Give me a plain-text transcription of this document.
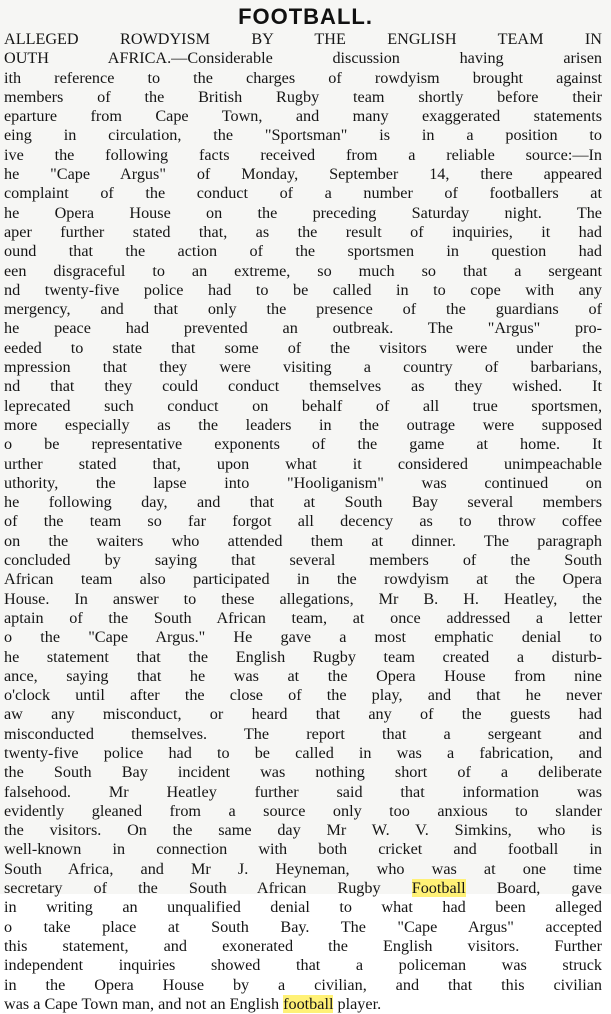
FOOTBALL.
ALLEGED ROWDYISM BY THE ENGLISH TEAM IN
OUTH AFRICA.—Considerable discussion having arisen
ith reference to the charges of rowdyism brought against
members of the British Rugby team shortly before their
eparture from Cape Town, and many exaggerated statements
eing in circulation, the "Sportsman" is in a position to
ive the following facts received from a reliable source:—In
he "Cape Argus" of Monday, September 14, there appeared
complaint of the conduct of a number of footballers at
he Opera House on the preceding Saturday night. The
aper further stated that, as the result of inquiries, it had
ound that the action of the sportsmen in question had
een disgraceful to an extreme, so much so that a sergeant
nd twenty-five police had to be called in to cope with any
mergency, and that only the presence of the guardians of
he peace had prevented an outbreak. The "Argus" pro-
eeded to state that some of the visitors were under the
mpression that they were visiting a country of barbarians,
nd that they could conduct themselves as they wished. It
leprecated such conduct on behalf of all true sportsmen,
more especially as the leaders in the outrage were supposed
o be representative exponents of the game at home. It
urther stated that, upon what it considered unimpeachable
uthority, the lapse into "Hooliganism" was continued on
he following day, and that at South Bay several members
of the team so far forgot all decency as to throw coffee
on the waiters who attended them at dinner. The paragraph
concluded by saying that several members of the South
African team also participated in the rowdyism at the Opera
House. In answer to these allegations, Mr B. H. Heatley, the
aptain of the South African team, at once addressed a letter
o the "Cape Argus." He gave a most emphatic denial to
he statement that the English Rugby team created a disturb-
ance, saying that he was at the Opera House from nine
o'clock until after the close of the play, and that he never
aw any misconduct, or heard that any of the guests had
misconducted themselves. The report that a sergeant and
twenty-five police had to be called in was a fabrication, and
the South Bay incident was nothing short of a deliberate
falsehood. Mr Heatley further said that information was
evidently gleaned from a source only too anxious to slander
the visitors. On the same day Mr W. V. Simkins, who is
well-known in connection with both cricket and football in
South Africa, and Mr J. Heyneman, who was at one time
secretary of the South African Rugby Football Board, gave
in writing an unqualified denial to what had been alleged
o take place at South Bay. The "Cape Argus" accepted
this statement, and exonerated the English visitors. Further
independent inquiries showed that a policeman was struck
in the Opera House by a civilian, and that this civilian
was a Cape Town man, and not an English football player.
